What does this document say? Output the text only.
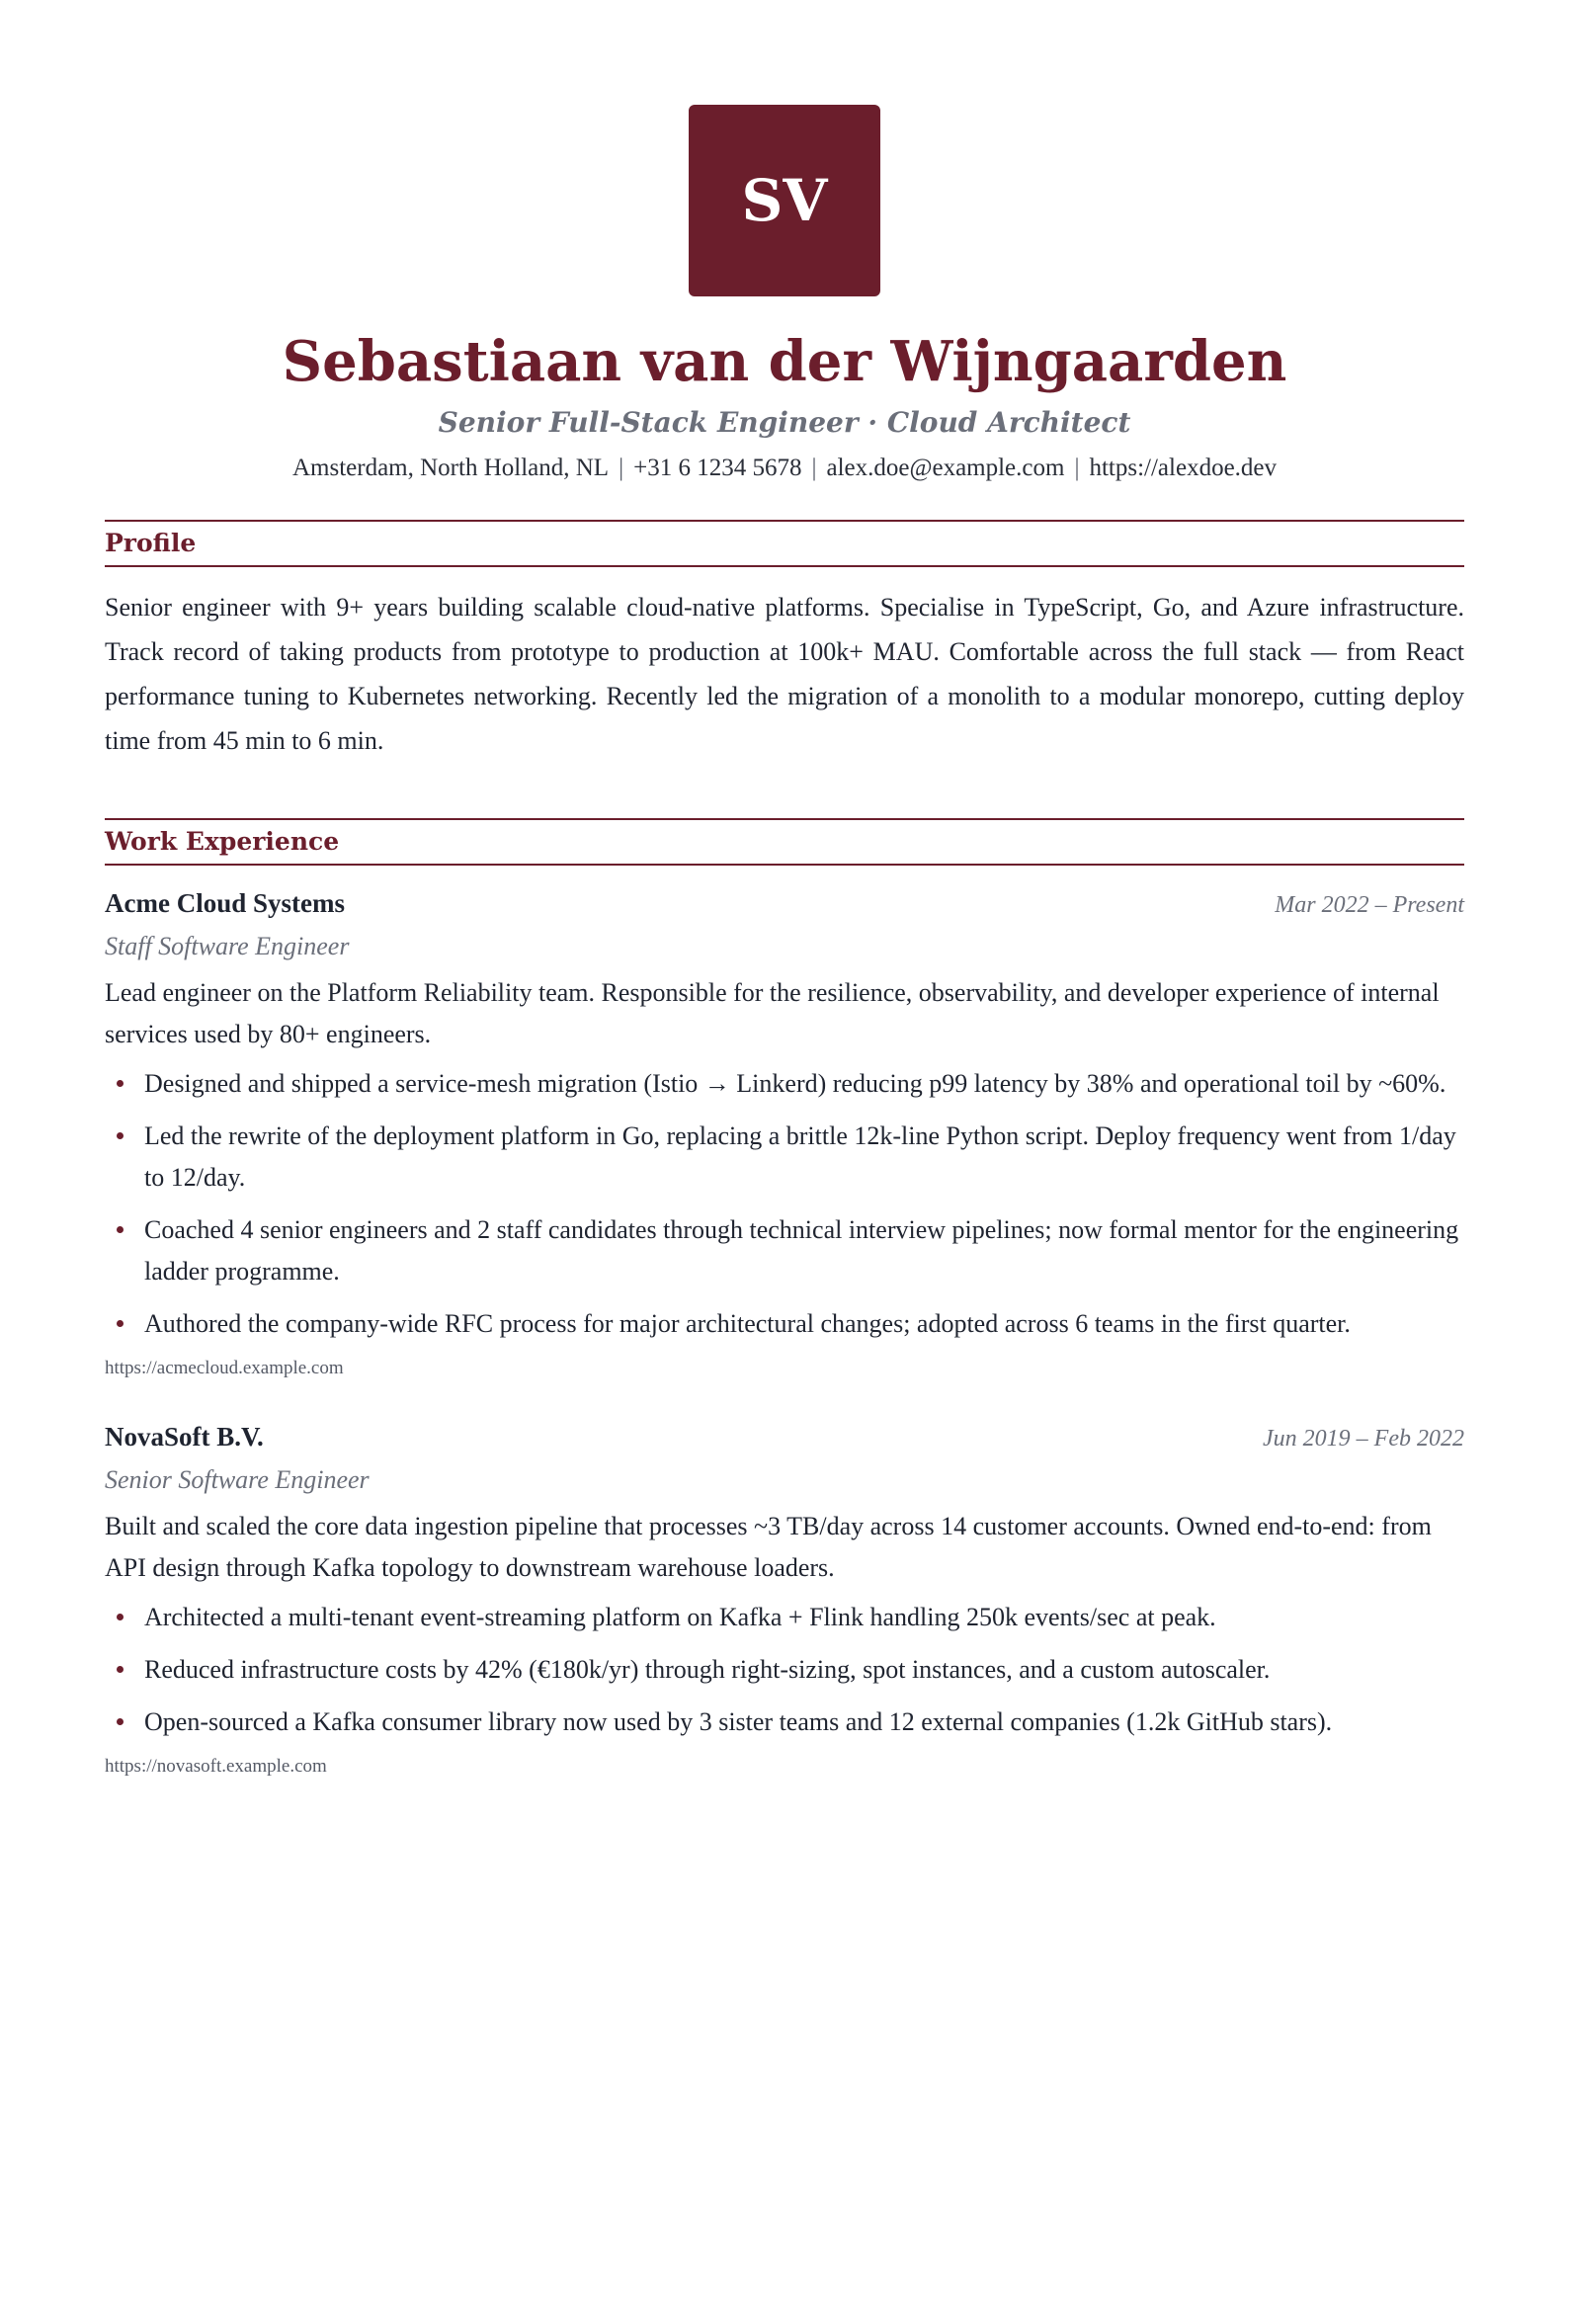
SV
Sebastiaan van der Wijngaarden
Senior Full-Stack Engineer · Cloud Architect
Amsterdam, North Holland, NL | +31 6 1234 5678 | alex.doe@example.com | https://alexdoe.dev
Profile

Senior engineer with 9+ years building scalable cloud-native platforms. Specialise in TypeScript, Go, and Azure infrastructure. Track record of taking products from prototype to production at 100k+ MAU. Comfortable across the full stack — from React performance tuning to Kubernetes networking. Recently led the migration of a monolith to a modular monorepo, cutting deploy time from 45 min to 6 min.

Work Experience
Acme Cloud Systems	Mar 2022 – Present
Staff Software Engineer
Lead engineer on the Platform Reliability team. Responsible for the resilience, observability, and developer experience of internal services used by 80+ engineers.
Designed and shipped a service-mesh migration (Istio → Linkerd) reducing p99 latency by 38% and operational toil by ~60%.
Led the rewrite of the deployment platform in Go, replacing a brittle 12k-line Python script. Deploy frequency went from 1/day to 12/day.
Coached 4 senior engineers and 2 staff candidates through technical interview pipelines; now formal mentor for the engineering ladder programme.
Authored the company-wide RFC process for major architectural changes; adopted across 6 teams in the first quarter.
https://acmecloud.example.com
NovaSoft B.V.	Jun 2019 – Feb 2022
Senior Software Engineer
Built and scaled the core data ingestion pipeline that processes ~3 TB/day across 14 customer accounts. Owned end-to-end: from API design through Kafka topology to downstream warehouse loaders.
Architected a multi-tenant event-streaming platform on Kafka + Flink handling 250k events/sec at peak.
Reduced infrastructure costs by 42% (€180k/yr) through right-sizing, spot instances, and a custom autoscaler.
Open-sourced a Kafka consumer library now used by 3 sister teams and 12 external companies (1.2k GitHub stars).
https://novasoft.example.com
